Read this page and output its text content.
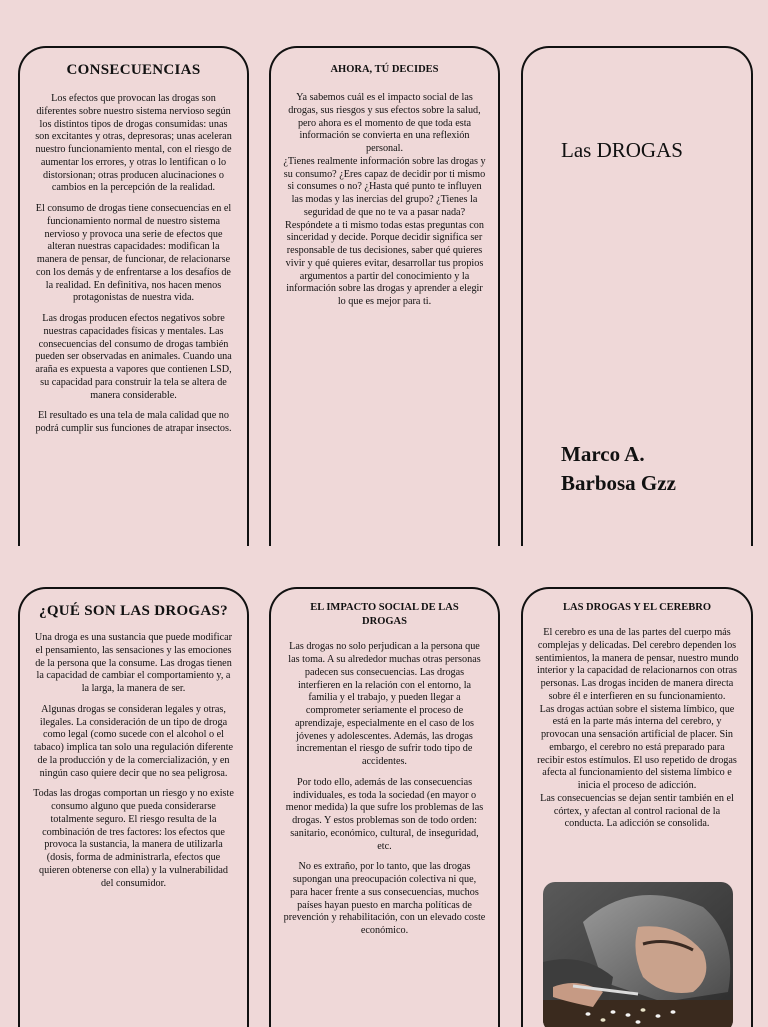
CONSECUENCIAS

Los efectos que provocan las drogas son diferentes sobre nuestro sistema nervioso según los distintos tipos de drogas consumidas: unas son excitantes y otras, depresoras; unas aceleran nuestro funcionamiento mental, con el riesgo de aumentar los errores, y otras lo lentifican o lo distorsionan; otras producen alucinaciones o cambios en la percepción de la realidad.

El consumo de drogas tiene consecuencias en el funcionamiento normal de nuestro sistema nervioso y provoca una serie de efectos que alteran nuestras capacidades: modifican la manera de pensar, de funcionar, de relacionarse con los demás y de enfrentarse a los desafíos de la realidad. En definitiva, nos hacen menos protagonistas de nuestra vida.

Las drogas producen efectos negativos sobre nuestras capacidades físicas y mentales. Las consecuencias del consumo de drogas también pueden ser observadas en animales. Cuando una araña es expuesta a vapores que contienen LSD, su capacidad para construir la tela se altera de manera considerable.

El resultado es una tela de mala calidad que no podrá cumplir sus funciones de atrapar insectos.

AHORA, TÚ DECIDES

Ya sabemos cuál es el impacto social de las drogas, sus riesgos y sus efectos sobre la salud, pero ahora es el momento de que toda esta información se convierta en una reflexión personal.
¿Tienes realmente información sobre las drogas y su consumo? ¿Eres capaz de decidir por ti mismo si consumes o no? ¿Hasta qué punto te influyen las modas y las inercias del grupo? ¿Tienes la seguridad de que no te va a pasar nada?
Respóndete a ti mismo todas estas preguntas con sinceridad y decide. Porque decidir significa ser responsable de tus decisiones, saber qué quieres vivir y qué quieres evitar, desarrollar tus propios argumentos a partir del conocimiento y la información sobre las drogas y aprender a elegir lo que es mejor para ti.

Las DROGAS
Marco A.
Barbosa Gzz
¿QUÉ SON LAS DROGAS?

Una droga es una sustancia que puede modificar el pensamiento, las sensaciones y las emociones de la persona que la consume. Las drogas tienen la capacidad de cambiar el comportamiento y, a la larga, la manera de ser.

Algunas drogas se consideran legales y otras, ilegales. La consideración de un tipo de droga como legal (como sucede con el alcohol o el tabaco) implica tan solo una regulación diferente de la producción y de la comercialización, y en ningún caso quiere decir que no sea peligrosa.

Todas las drogas comportan un riesgo y no existe consumo alguno que pueda considerarse totalmente seguro. El riesgo resulta de la combinación de tres factores: los efectos que provoca la sustancia, la manera de utilizarla (dosis, forma de administrarla, efectos que quieren obtenerse con ella) y la vulnerabilidad del consumidor.

EL IMPACTO SOCIAL DE LAS DROGAS

Las drogas no solo perjudican a la persona que las toma. A su alrededor muchas otras personas padecen sus consecuencias. Las drogas interfieren en la relación con el entorno, la familia y el trabajo, y pueden llegar a comprometer seriamente el proceso de aprendizaje, especialmente en el caso de los jóvenes y adolescentes. Además, las drogas incrementan el riesgo de sufrir todo tipo de accidentes.

Por todo ello, además de las consecuencias individuales, es toda la sociedad (en mayor o menor medida) la que sufre los problemas de las drogas. Y estos problemas son de todo orden: sanitario, económico, cultural, de inseguridad, etc.

No es extraño, por lo tanto, que las drogas supongan una preocupación colectiva ni que, para hacer frente a sus consecuencias, muchos países hayan puesto en marcha políticas de prevención y rehabilitación, con un elevado coste económico.

LAS DROGAS Y EL CEREBRO

El cerebro es una de las partes del cuerpo más complejas y delicadas. Del cerebro dependen los sentimientos, la manera de pensar, nuestro mundo interior y la capacidad de relacionarnos con otras personas. Las drogas inciden de manera directa sobre él e interfieren en su funcionamiento.
Las drogas actúan sobre el sistema límbico, que está en la parte más interna del cerebro, y provocan una sensación artificial de placer. Sin embargo, el cerebro no está preparado para recibir estos estímulos. El uso repetido de drogas afecta al funcionamiento del sistema límbico e inicia el proceso de adicción.
Las consecuencias se dejan sentir también en el córtex, y afectan al control racional de la conducta. La adicción se consolida.
